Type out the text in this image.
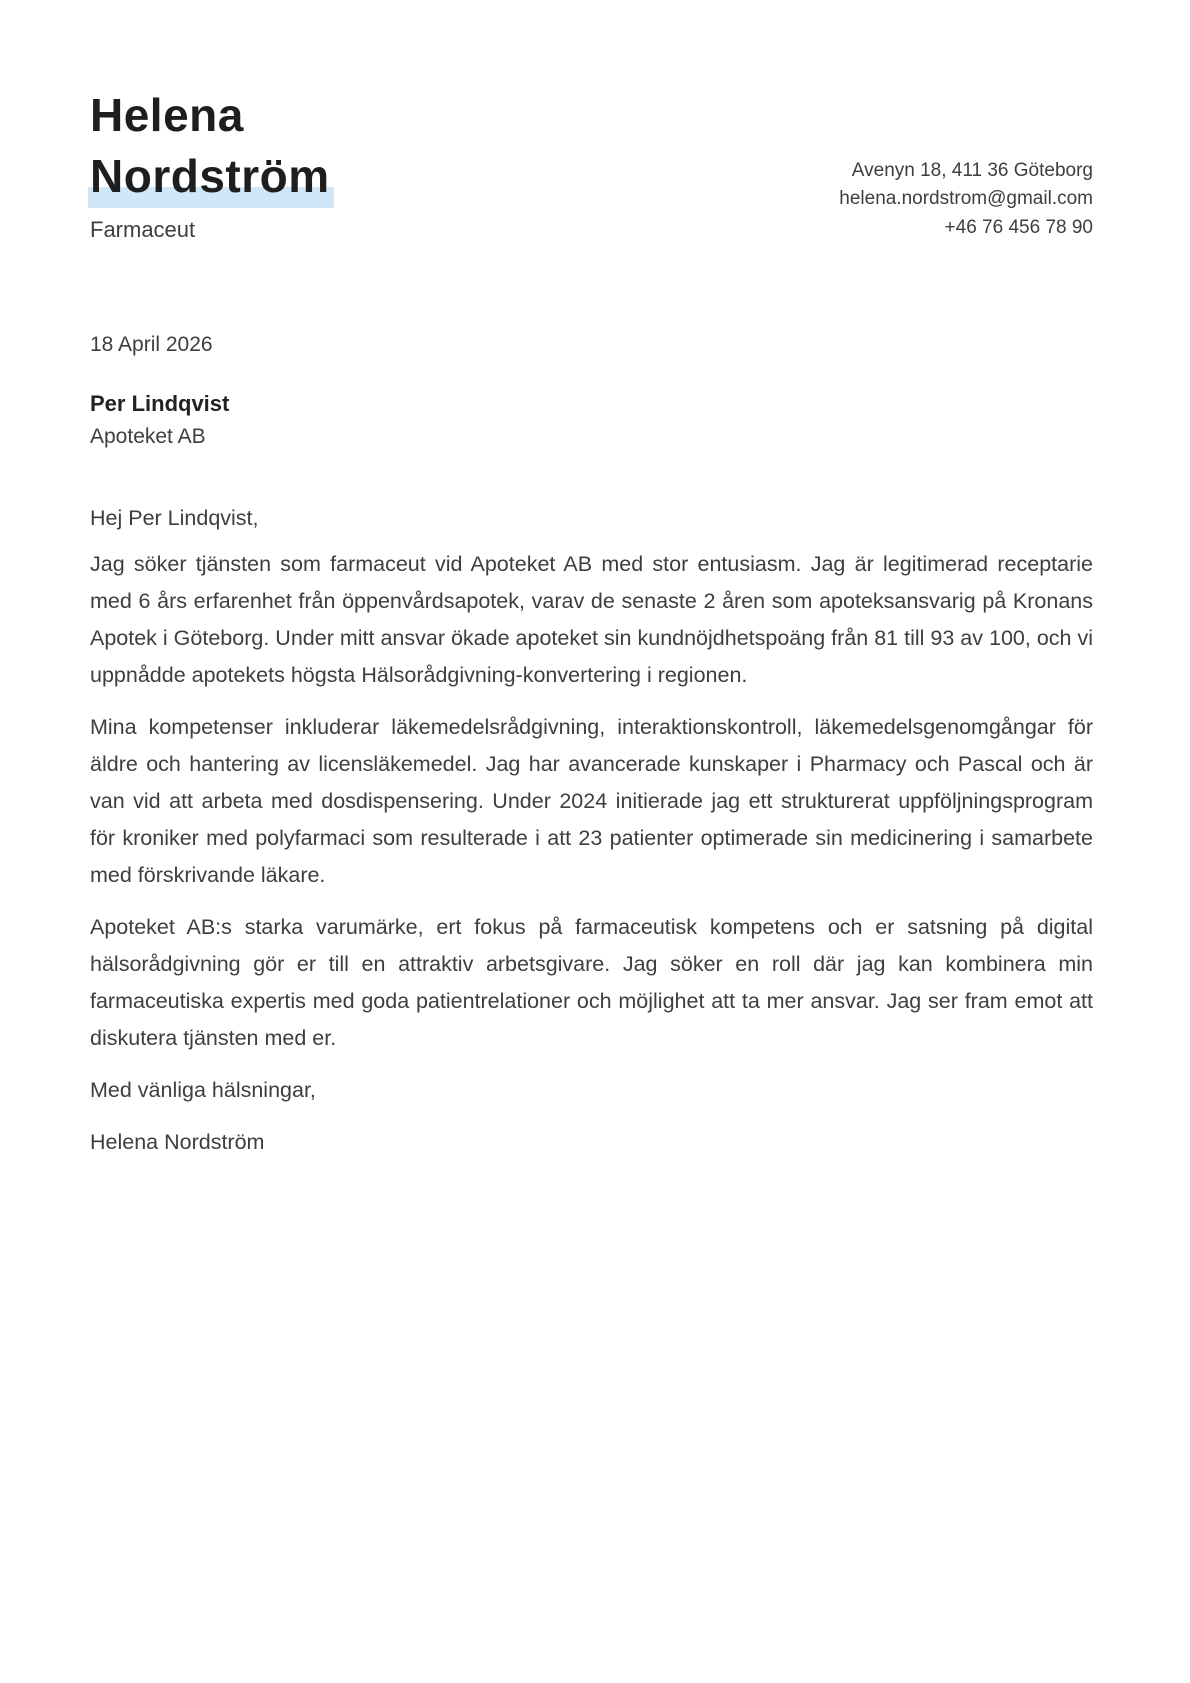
Helena
Nordström
Farmaceut
Avenyn 18, 411 36 Göteborg
helena.nordstrom@gmail.com
+46 76 456 78 90
18 April 2026
Per Lindqvist
Apoteket AB

Hej Per Lindqvist,

Jag söker tjänsten som farmaceut vid Apoteket AB med stor entusiasm. Jag är legitimerad receptarie med 6 års erfarenhet från öppenvårdsapotek, varav de senaste 2 åren som apoteksansvarig på Kronans Apotek i Göteborg. Under mitt ansvar ökade apoteket sin kundnöjdhetspoäng från 81 till 93 av 100, och vi uppnådde apotekets högsta Hälsorådgivning-konvertering i regionen.

Mina kompetenser inkluderar läkemedelsrådgivning, interaktionskontroll, läkemedelsgenomgångar för äldre och hantering av licensläkemedel. Jag har avancerade kunskaper i Pharmacy och Pascal och är van vid att arbeta med dosdispensering. Under 2024 initierade jag ett strukturerat uppföljningsprogram för kroniker med polyfarmaci som resulterade i att 23 patienter optimerade sin medicinering i samarbete med förskrivande läkare.

Apoteket AB:s starka varumärke, ert fokus på farmaceutisk kompetens och er satsning på digital hälsorådgivning gör er till en attraktiv arbetsgivare. Jag söker en roll där jag kan kombinera min farmaceutiska expertis med goda patientrelationer och möjlighet att ta mer ansvar. Jag ser fram emot att diskutera tjänsten med er.

Med vänliga hälsningar,

Helena Nordström
